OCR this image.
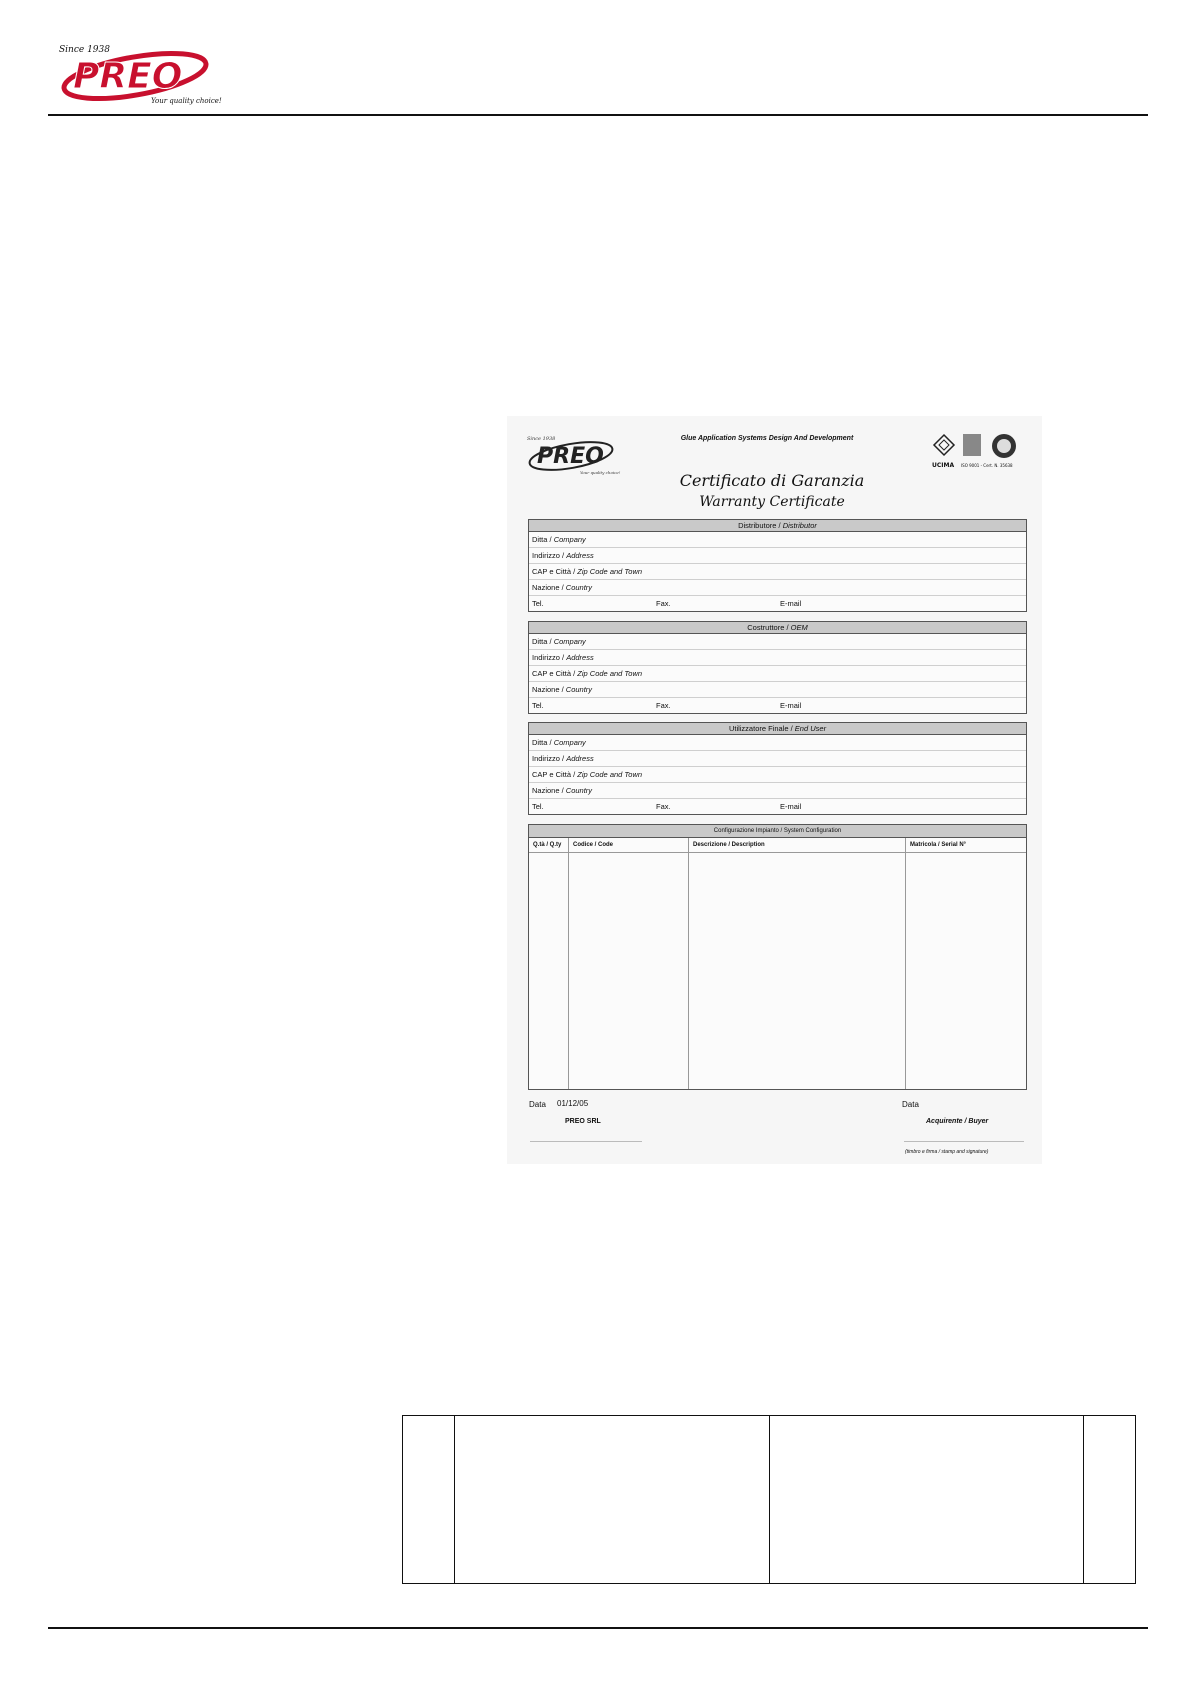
Since 1938
PREO
Your quality choice!
Since 1938
PREO
Your quality choice!
Glue Application Systems Design And Development
UCIMA ISO 9001 - Cert. N. 35638
Certificato di Garanzia
Warranty Certificate
Distributore / Distributor
Ditta / Company
Indirizzo / Address
CAP e Città / Zip Code and Town
Nazione / Country
Tel.	Fax.	E-mail
Costruttore / OEM
Ditta / Company
Indirizzo / Address
CAP e Città / Zip Code and Town
Nazione / Country
Tel.	Fax.	E-mail
Utilizzatore Finale / End User
Ditta / Company
Indirizzo / Address
CAP e Città / Zip Code and Town
Nazione / Country
Tel.	Fax.	E-mail
Configurazione Impianto / System Configuration
Q.tà / Q.ty	Codice / Code	Descrizione / Description	Matricola / Serial N°
Data 01/12/05	Data
PREO SRL	Acquirente / Buyer
(timbro e firma / stamp and signature)
